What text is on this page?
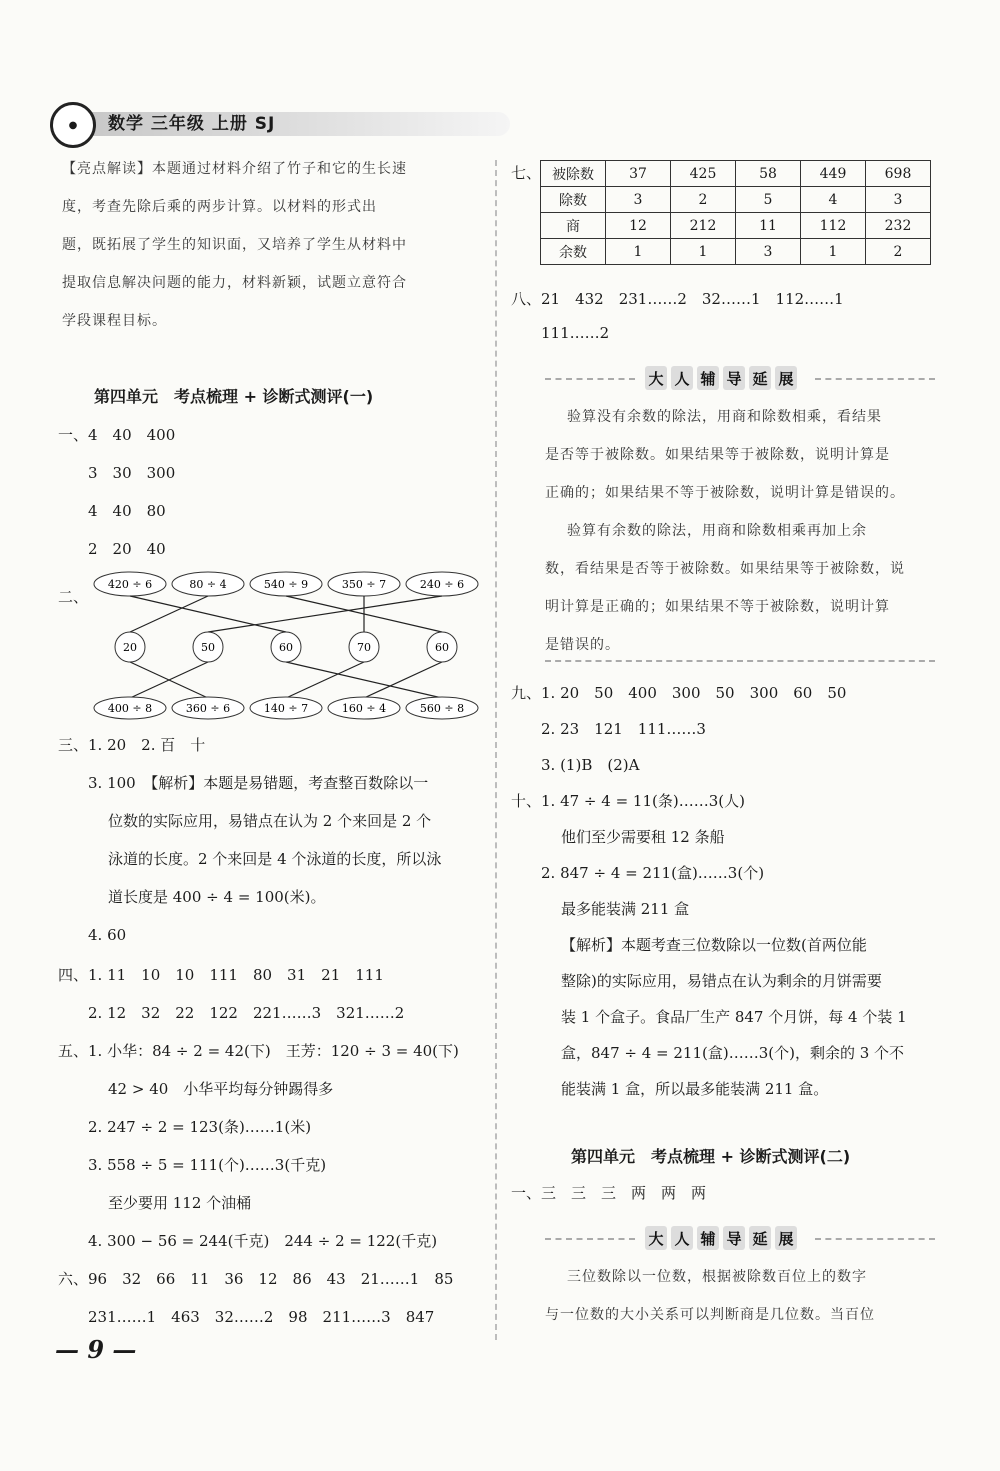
●	数学 三年级 上册 SJ
【亮点解读】本题通过材料介绍了竹子和它的生长速
度，考查先除后乘的两步计算。以材料的形式出
题，既拓展了学生的知识面，又培养了学生从材料中
提取信息解决问题的能力，材料新颖，试题立意符合
学段课程目标。
第四单元　考点梳理 + 诊断式测评(一)
一、4　40　400
3　30　300
4　40　80
2　20　40
二、
三、1. 20　2. 百　十
3. 100　【解析】本题是易错题，考查整百数除以一
位数的实际应用，易错点在认为 2 个来回是 2 个
泳道的长度。2 个来回是 4 个泳道的长度，所以泳
道长度是 400 ÷ 4 = 100(米)。
4. 60
四、1. 11　10　10　111　80　31　21　111
2. 12　32　22　122　221……3　321……2
五、1. 小华：84 ÷ 2 = 42(下)　王芳：120 ÷ 3 = 40(下)
42 > 40　小华平均每分钟踢得多
2. 247 ÷ 2 = 123(条)……1(米)
3. 558 ÷ 5 = 111(个)……3(千克)
至少要用 112 个油桶
4. 300 − 56 = 244(千克)　244 ÷ 2 = 122(千克)
六、96　32　66　11　36　12　86　43　21……1　85
231……1　463　32……2　98　211……3　847
420 ÷ 6	80 ÷ 4	540 ÷ 9	350 ÷ 7	240 ÷ 6
20	50	60	70	60
400 ÷ 8	360 ÷ 6	140 ÷ 7	160 ÷ 4	560 ÷ 8
七、 被除数	37	425	58	449	698
除数	3	2	5	4	3
商	12	212	11	112	232
余数	1	1	3	1	2
八、21　432　231……2　32……1　112……1
111……2
大 人 辅 导 延 展
验算没有余数的除法，用商和除数相乘，看结果
是否等于被除数。如果结果等于被除数，说明计算是
正确的；如果结果不等于被除数，说明计算是错误的。
验算有余数的除法，用商和除数相乘再加上余
数，看结果是否等于被除数。如果结果等于被除数，说
明计算是正确的；如果结果不等于被除数，说明计算
是错误的。
九、1. 20　50　400　300　50　300　60　50
2. 23　121　111……3
3. (1)B　(2)A
十、1. 47 ÷ 4 = 11(条)……3(人)
他们至少需要租 12 条船
2. 847 ÷ 4 = 211(盒)……3(个)
最多能装满 211 盒
【解析】本题考查三位数除以一位数(首两位能
整除)的实际应用，易错点在认为剩余的月饼需要
装 1 个盒子。食品厂生产 847 个月饼，每 4 个装 1
盒，847 ÷ 4 = 211(盒)……3(个)，剩余的 3 个不
能装满 1 盒，所以最多能装满 211 盒。
第四单元　考点梳理 + 诊断式测评(二)
一、三　三　三　两　两　两
大 人 辅 导 延 展
三位数除以一位数，根据被除数百位上的数字
与一位数的大小关系可以判断商是几位数。当百位
— 9 —
